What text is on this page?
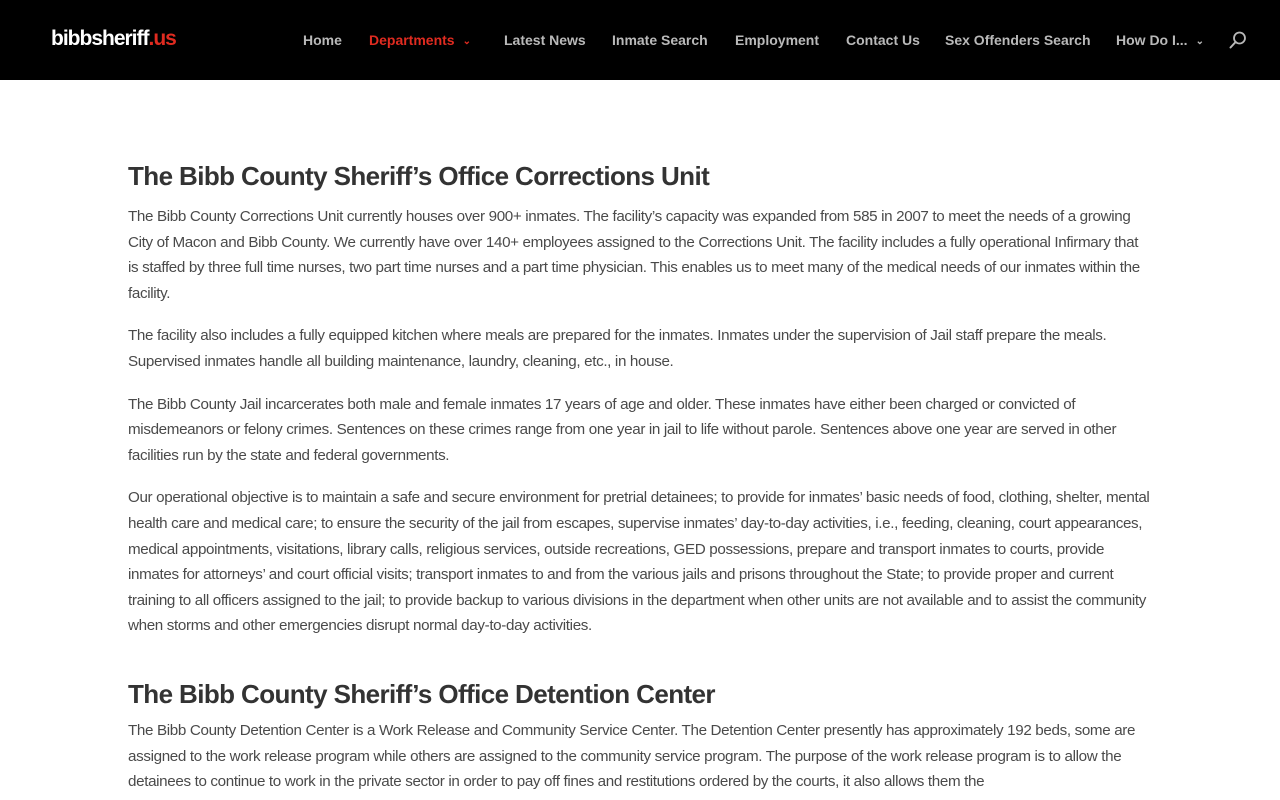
bibbsheriff.us	Home Departments ⌄ Latest News Inmate Search Employment Contact Us Sex Offenders Search How Do I... ⌄
The Bibb County Sheriff’s Office Corrections Unit

The Bibb County Corrections Unit currently houses over 900+ inmates. The facility’s capacity was expanded from 585 in 2007 to meet the needs of a growing City of Macon and Bibb County. We currently have over 140+ employees assigned to the Corrections Unit. The facility includes a fully operational Infirmary that is staffed by three full time nurses, two part time nurses and a part time physician. This enables us to meet many of the medical needs of our inmates within the facility.

The facility also includes a fully equipped kitchen where meals are prepared for the inmates. Inmates under the supervision of Jail staff prepare the meals. Supervised inmates handle all building maintenance, laundry, cleaning, etc., in house.

The Bibb County Jail incarcerates both male and female inmates 17 years of age and older. These inmates have either been charged or convicted of misdemeanors or felony crimes. Sentences on these crimes range from one year in jail to life without parole. Sentences above one year are served in other facilities run by the state and federal governments.

Our operational objective is to maintain a safe and secure environment for pretrial detainees; to provide for inmates’ basic needs of food, clothing, shelter, mental health care and medical care; to ensure the security of the jail from escapes, supervise inmates’ day-to-day activities, i.e., feeding, cleaning, court appearances, medical appointments, visitations, library calls, religious services, outside recreations, GED possessions, prepare and transport inmates to courts, provide inmates for attorneys’ and court official visits; transport inmates to and from the various jails and prisons throughout the State; to provide proper and current training to all officers assigned to the jail; to provide backup to various divisions in the department when other units are not available and to assist the community when storms and other emergencies disrupt normal day-to-day activities.

The Bibb County Sheriff’s Office Detention Center

The Bibb County Detention Center is a Work Release and Community Service Center. The Detention Center presently has approximately 192 beds, some are assigned to the work release program while others are assigned to the community service program. The purpose of the work release program is to allow the detainees to continue to work in the private sector in order to pay off fines and restitutions ordered by the courts, it also allows them the
